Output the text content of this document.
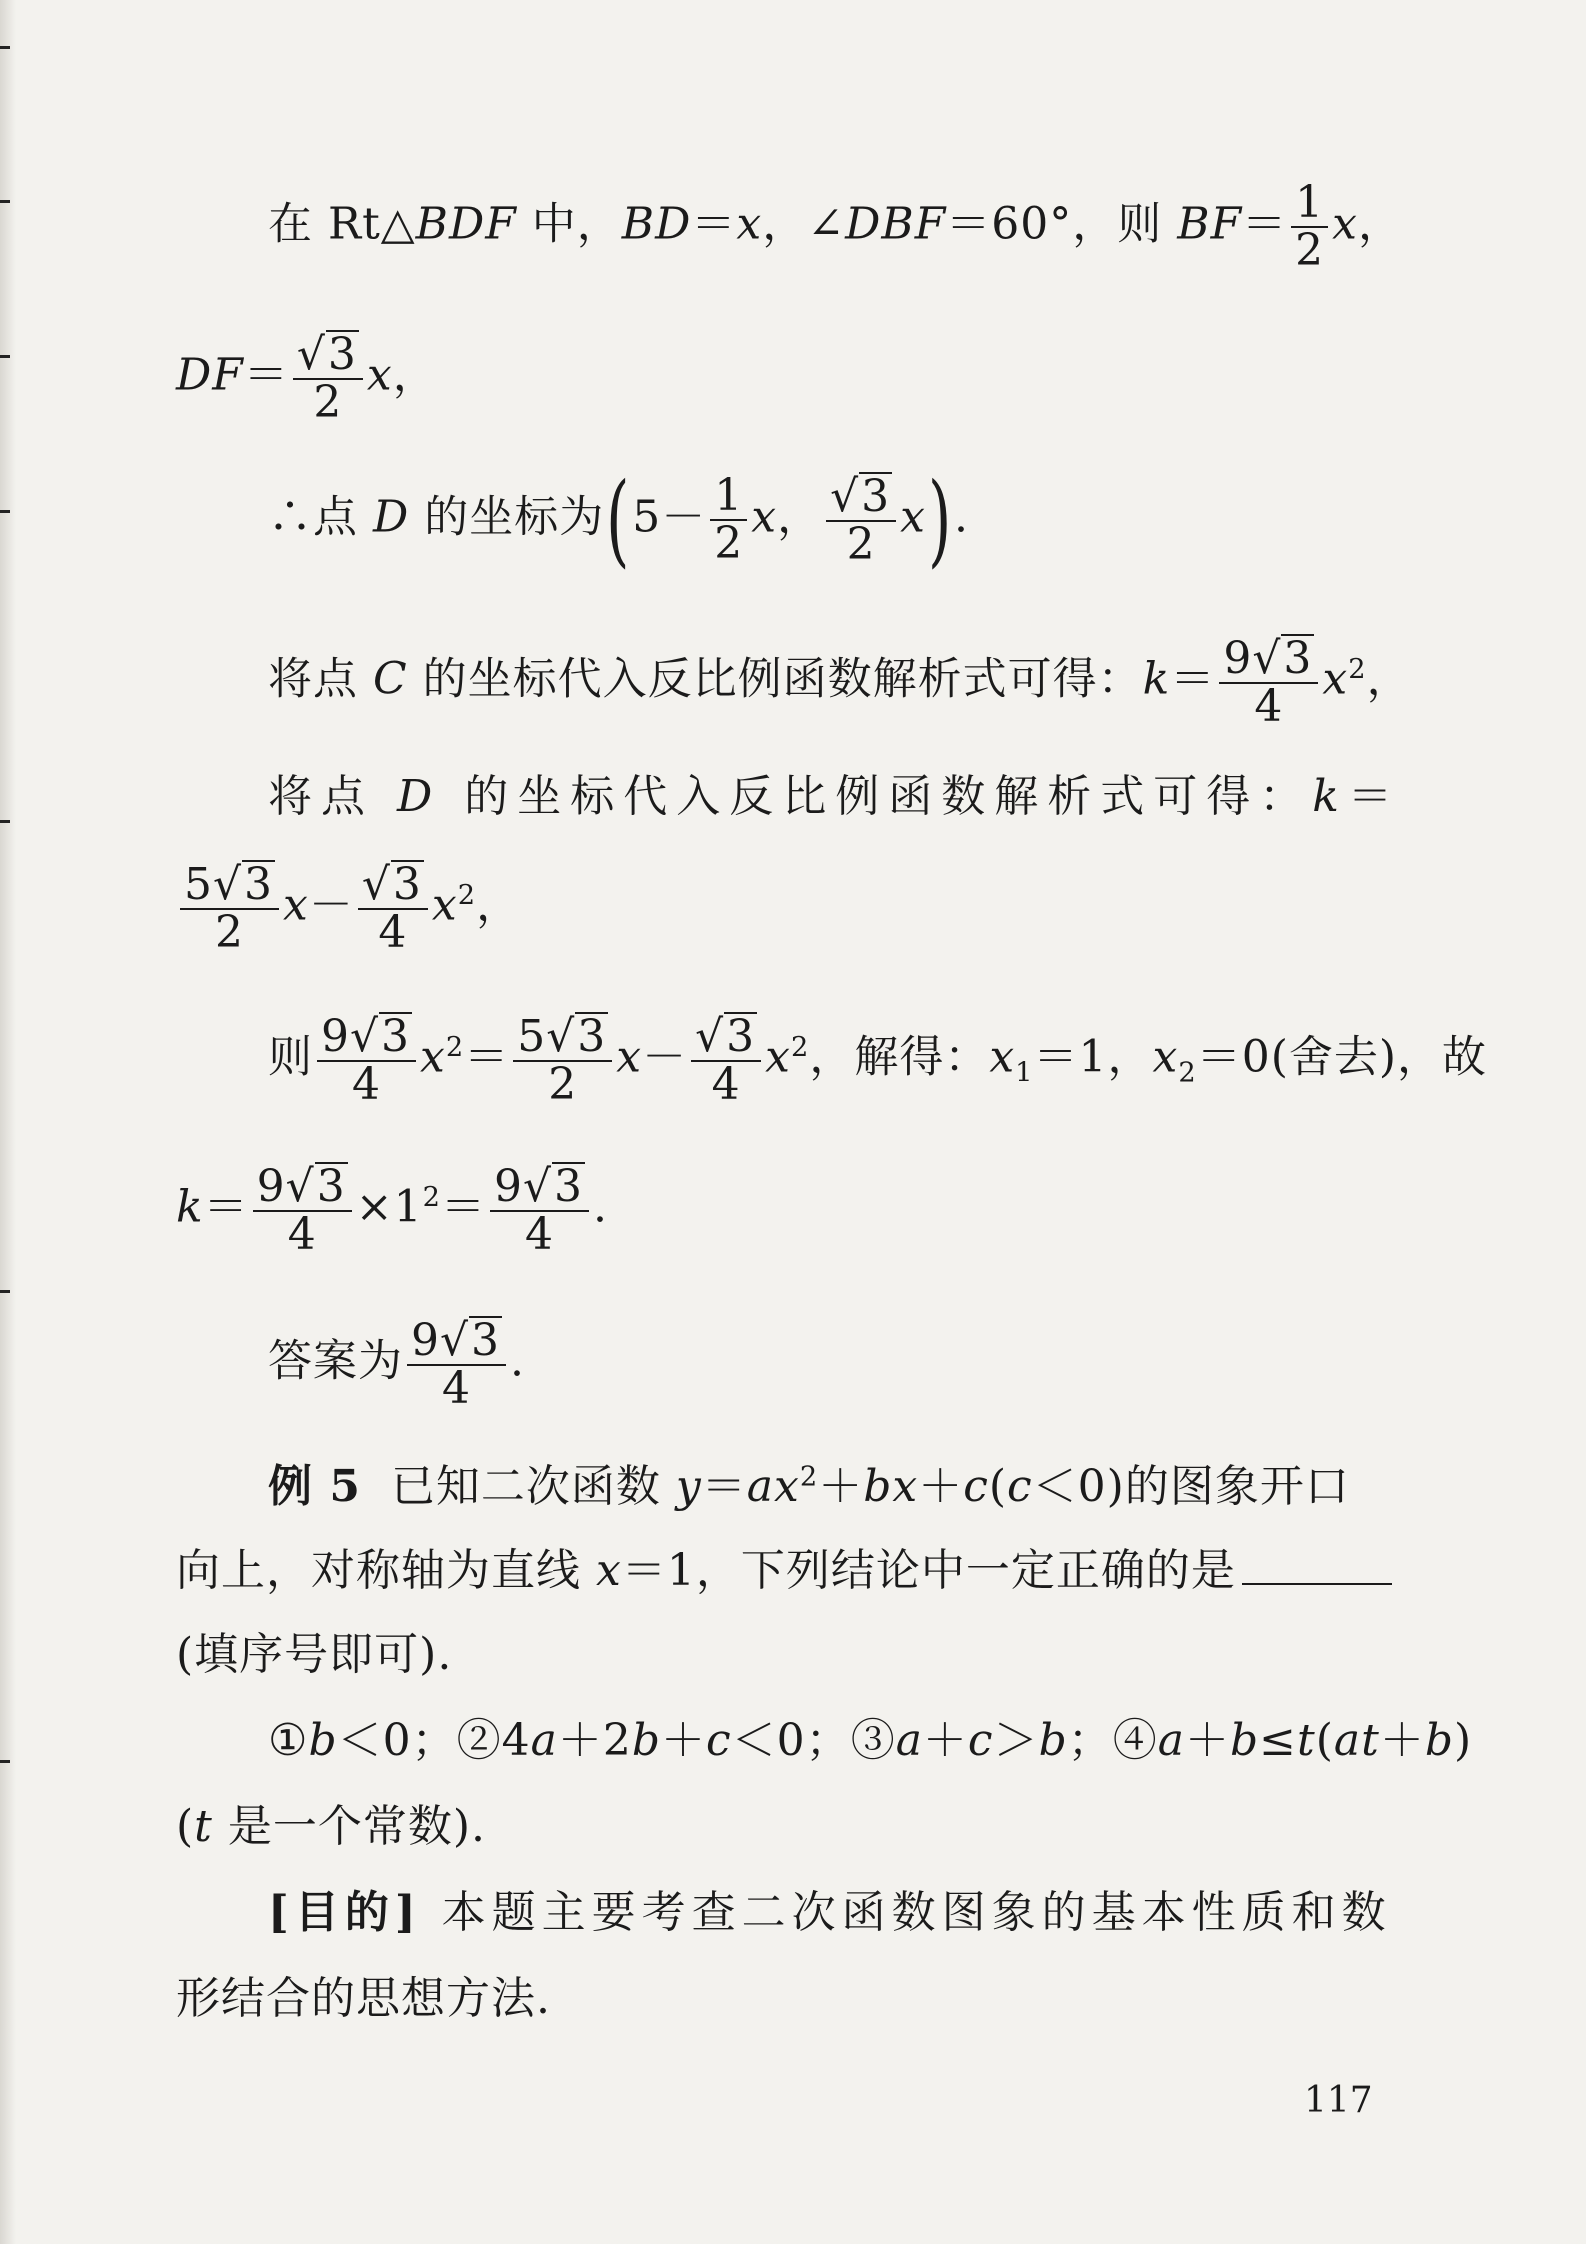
在 Rt△BDF 中，BD＝x，∠DBF＝60°，则 $BF= \frac{1}{2}$ x，
$DF= \frac{√3}{2}$ x，
∴点 D 的坐标为($5- \frac{1}{2}$ x， $\frac{√3}{2} x$).
将点 C 的坐标代入反比例函数解析式可得：$k= \frac{9√3}{4} x^2$，
将点 D 的坐标代入反比例函数解析式可得：k＝
$\frac{5√3}{2} x- \frac{√3}{4} x^2$，
则 $\frac{9√3}{4} x^2= \frac{5√3}{2} x- \frac{√3}{4} x^2$，解得：$x_1=1$，$x_2=0$(舍去)，故
$k= \frac{9√3}{4} \times 1^2= \frac{9√3}{4}$ .
答案为 $\frac{9√3}{4}$ .
例 5 已知二次函数 $y=ax^2+bx+c(c<0)$的图象开口
向上，对称轴为直线 x＝1，下列结论中一定正确的是
(填序号即可).
①b＜0；②4a＋2b＋c＜0；③a＋c＞b；④a＋b≤t(at＋b)
(t 是一个常数).
[目的] 本题主要考查二次函数图象的基本性质和数
形结合的思想方法.
117
